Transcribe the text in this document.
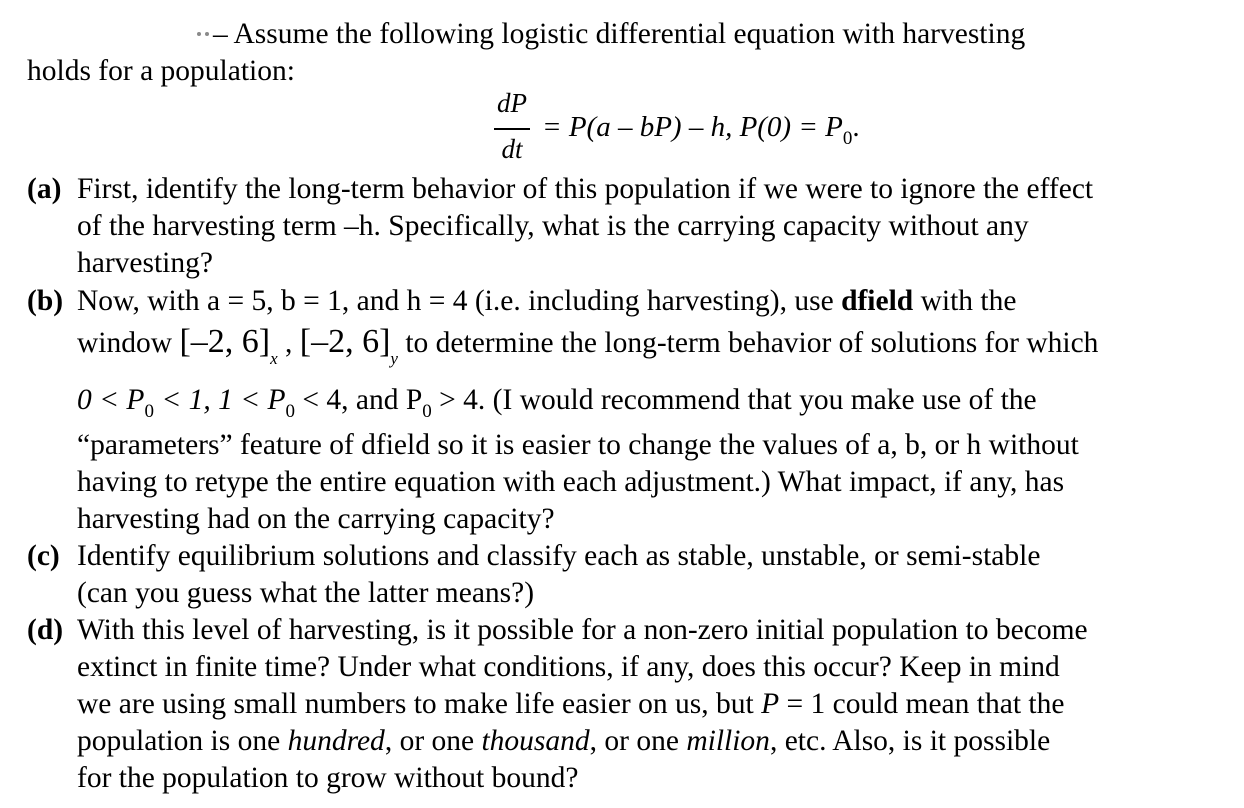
– Assume the following logistic differential equation with harvesting
holds for a population:
dP
dt
= P(a – bP) – h, $P(0) = P_0$.
(a) First, identify the long-term behavior of this population if we were to ignore the effect
of the harvesting term –h. Specifically, what is the carrying capacity without any
harvesting?
(b) Now, with a = 5, b = 1, and h = 4 (i.e. including harvesting), use dfield with the
window [–2, $6]_x$ , [–2, $6]_y$ to determine the long-term behavior of solutions for which
$0 < P_0 < 1$, $1 < P_0 < 4$, and $P_0 > 4$. (I would recommend that you make use of the
“parameters” feature of dfield so it is easier to change the values of a, b, or h without
having to retype the entire equation with each adjustment.) What impact, if any, has
harvesting had on the carrying capacity?
(c) Identify equilibrium solutions and classify each as stable, unstable, or semi-stable
(can you guess what the latter means?)
(d) With this level of harvesting, is it possible for a non-zero initial population to become
extinct in finite time? Under what conditions, if any, does this occur? Keep in mind
we are using small numbers to make life easier on us, but P = 1 could mean that the
population is one hundred, or one thousand, or one million, etc. Also, is it possible
for the population to grow without bound?
